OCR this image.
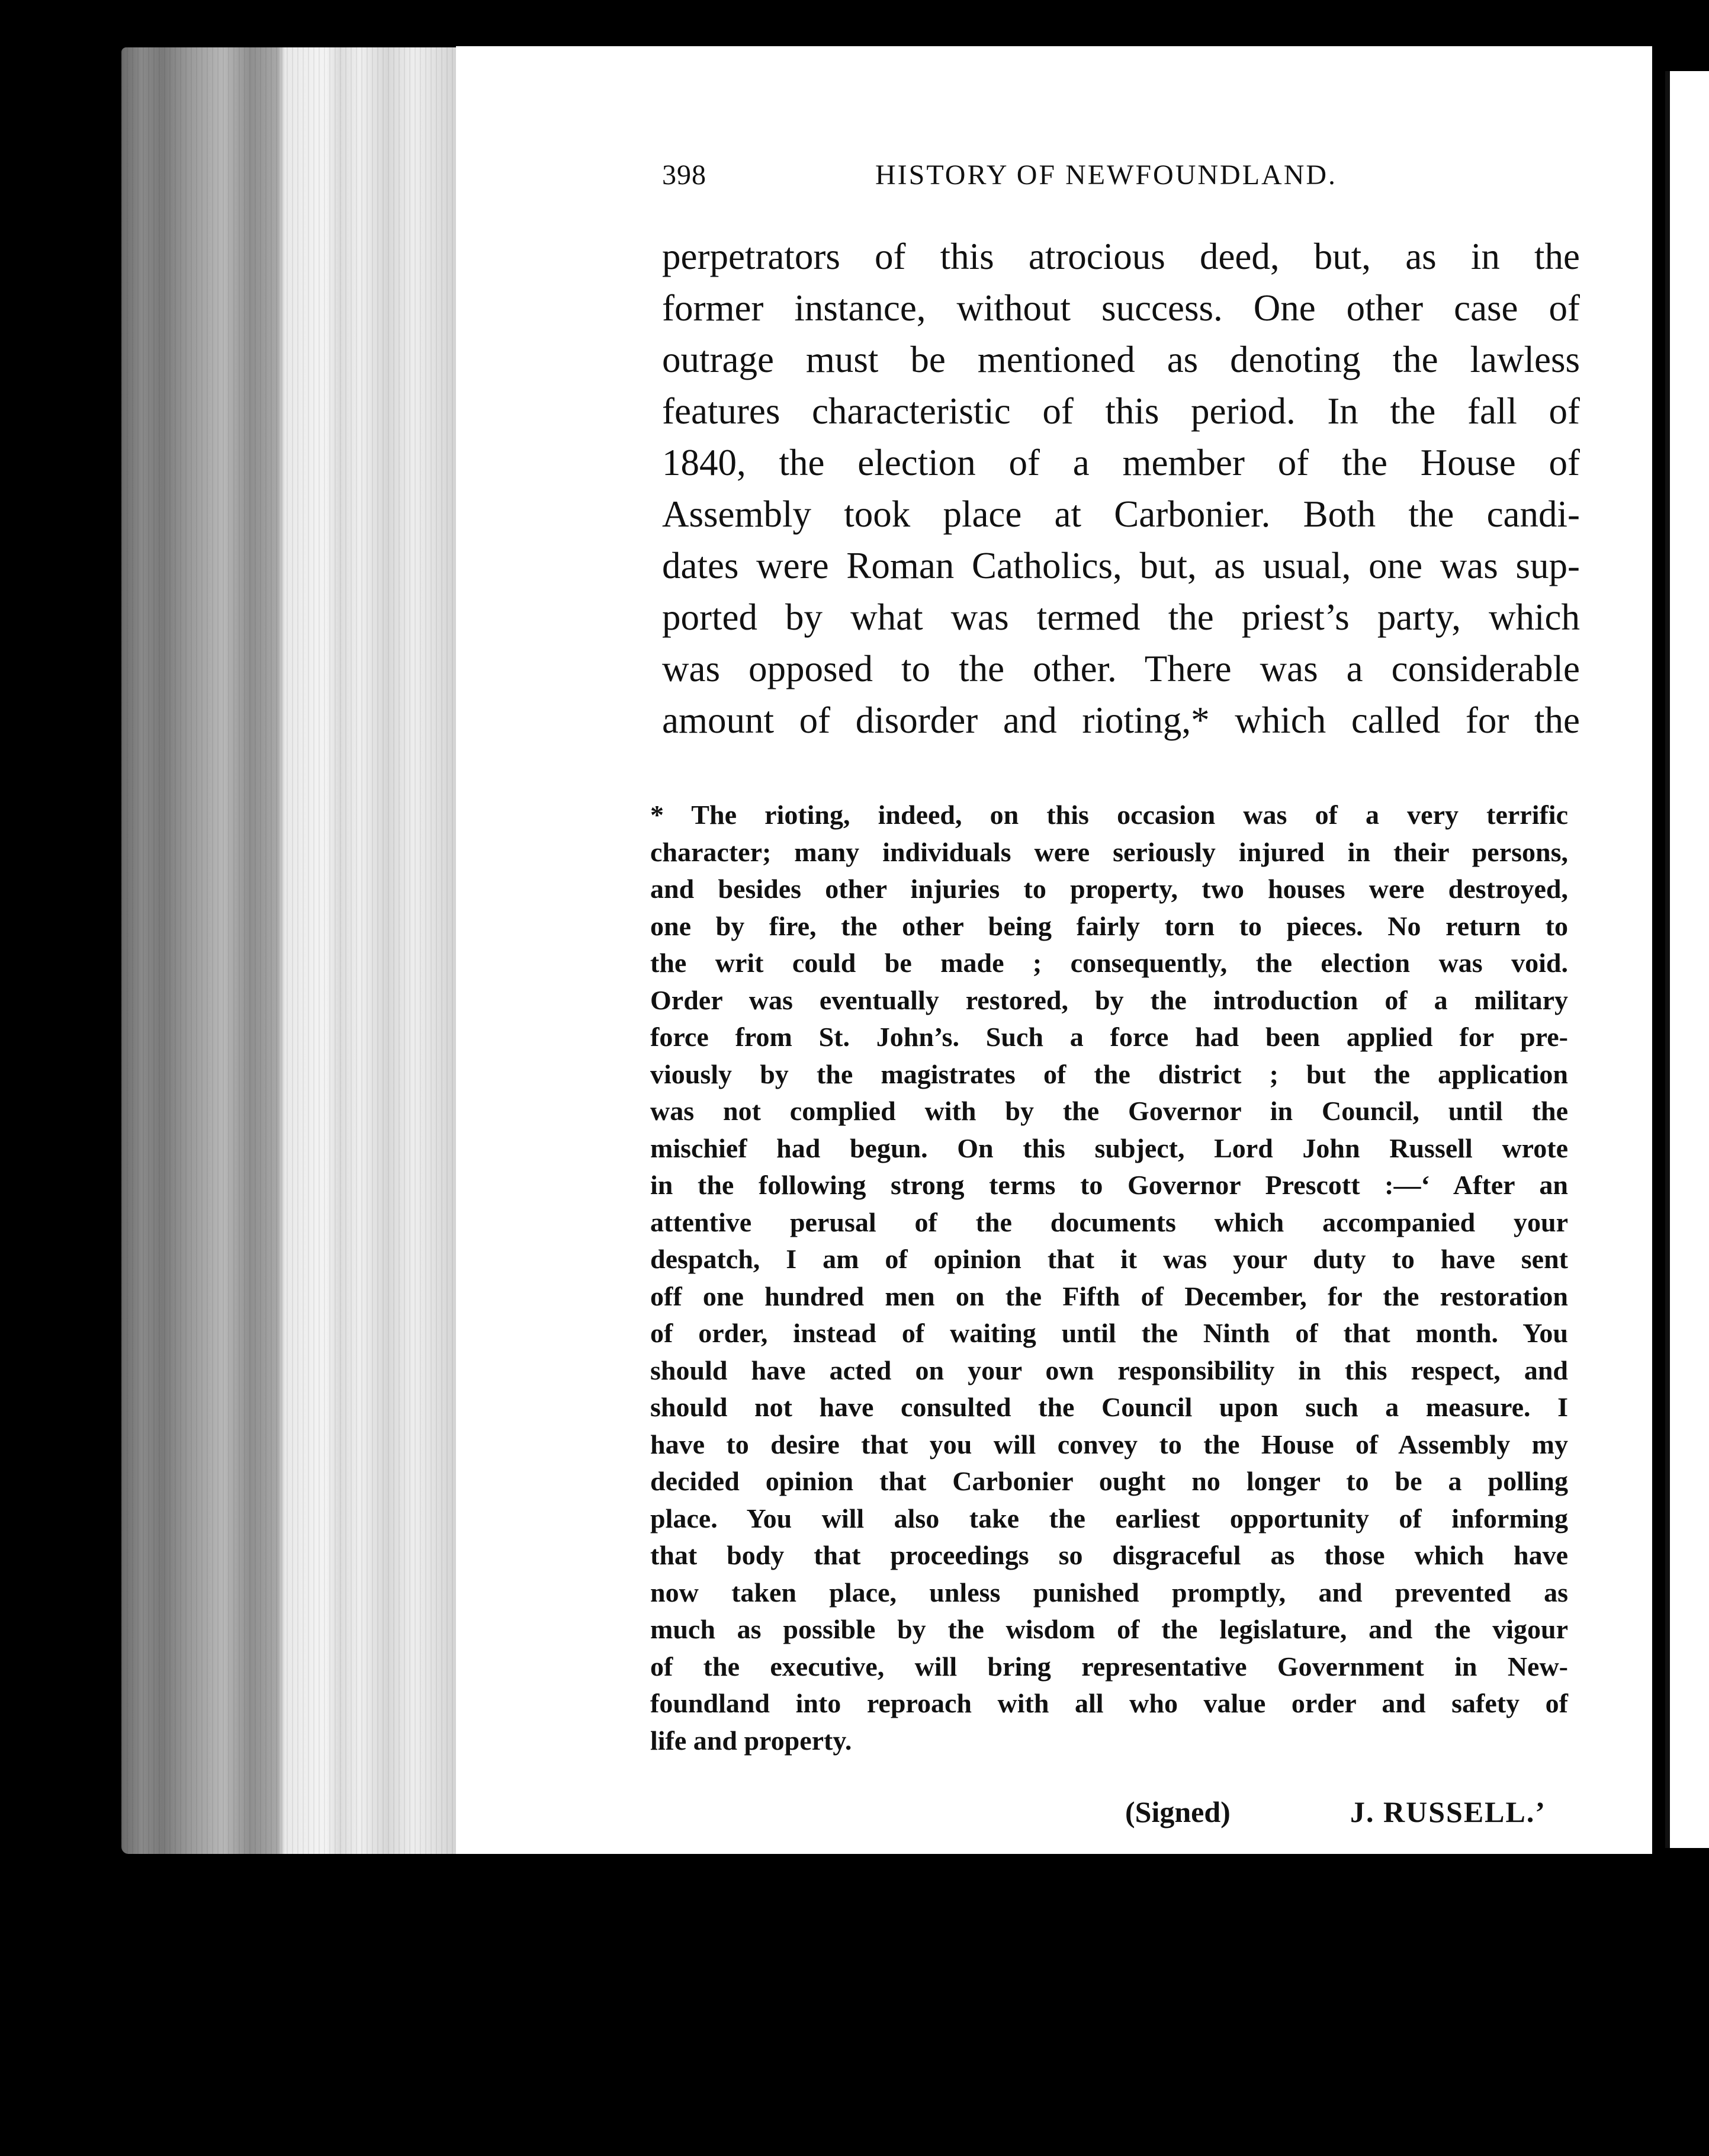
398	HISTORY OF NEWFOUNDLAND.
perpetrators of this atrocious deed, but, as in the
former instance, without success. One other case of
outrage must be mentioned as denoting the lawless
features characteristic of this period. In the fall of
1840, the election of a member of the House of
Assembly took place at Carbonier. Both the candi-
dates were Roman Catholics, but, as usual, one was sup-
ported by what was termed the priest’s party, which
was opposed to the other. There was a considerable
amount of disorder and rioting,* which called for the
* The rioting, indeed, on this occasion was of a very terrific
character; many individuals were seriously injured in their persons,
and besides other injuries to property, two houses were destroyed,
one by fire, the other being fairly torn to pieces. No return to
the writ could be made ; consequently, the election was void.
Order was eventually restored, by the introduction of a military
force from St. John’s. Such a force had been applied for pre-
viously by the magistrates of the district ; but the application
was not complied with by the Governor in Council, until the
mischief had begun. On this subject, Lord John Russell wrote
in the following strong terms to Governor Prescott :—‘ After an
attentive perusal of the documents which accompanied your
despatch, I am of opinion that it was your duty to have sent
off one hundred men on the Fifth of December, for the restoration
of order, instead of waiting until the Ninth of that month. You
should have acted on your own responsibility in this respect, and
should not have consulted the Council upon such a measure. I
have to desire that you will convey to the House of Assembly my
decided opinion that Carbonier ought no longer to be a polling
place. You will also take the earliest opportunity of informing
that body that proceedings so disgraceful as those which have
now taken place, unless punished promptly, and prevented as
much as possible by the wisdom of the legislature, and the vigour
of the executive, will bring representative Government in New-
foundland into reproach with all who value order and safety of
life and property.
(Signed)	J. RUSSELL.’
